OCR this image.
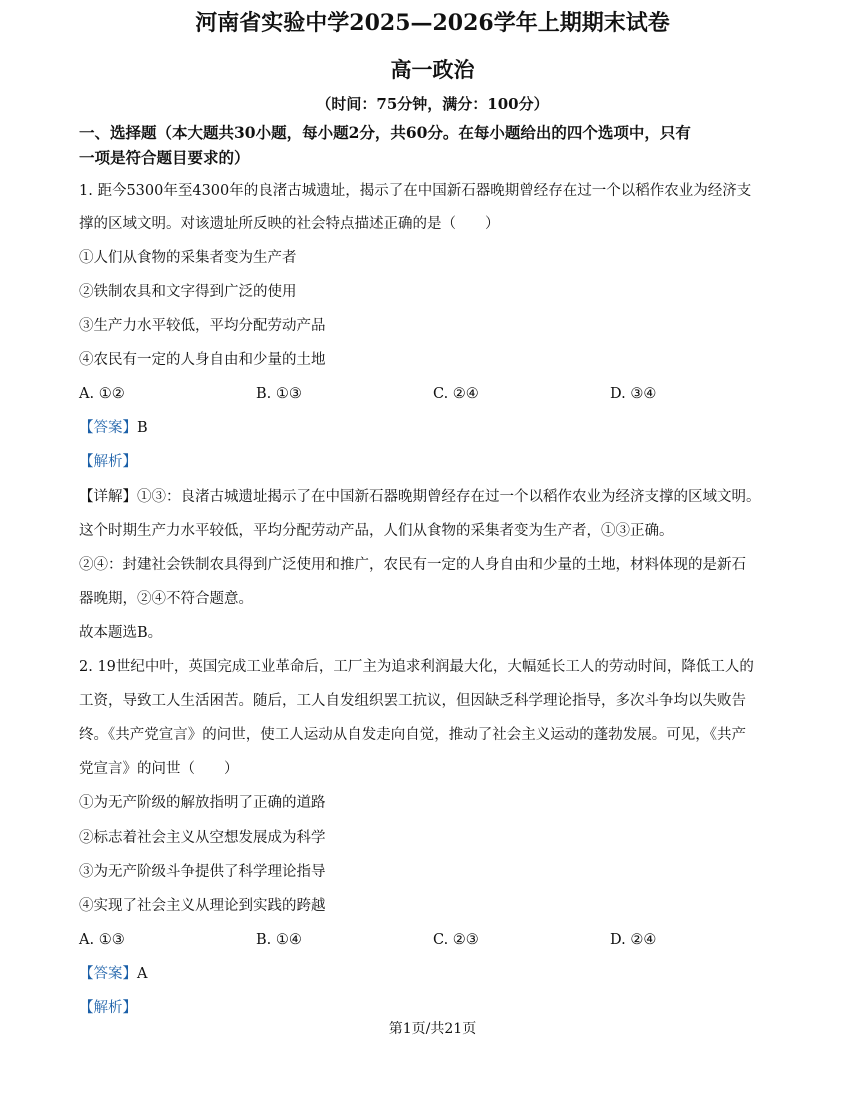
河南省实验中学2025—2026学年上期期末试卷
高一政治
（时间：75分钟，满分：100分）
一、选择题（本大题共30小题，每小题2分，共60分。在每小题给出的四个选项中，只有
一项是符合题目要求的）
1. 距今5300年至4300年的良渚古城遗址，揭示了在中国新石器晚期曾经存在过一个以稻作农业为经济支
撑的区域文明。对该遗址所反映的社会特点描述正确的是（　　）
①人们从食物的采集者变为生产者
②铁制农具和文字得到广泛的使用
③生产力水平较低，平均分配劳动产品
④农民有一定的人身自由和少量的土地
A. ①②	B. ①③	C. ②④	D. ③④
【答案】B
【解析】
【详解】①③：良渚古城遗址揭示了在中国新石器晚期曾经存在过一个以稻作农业为经济支撑的区域文明。
这个时期生产力水平较低，平均分配劳动产品，人们从食物的采集者变为生产者，①③正确。
②④：封建社会铁制农具得到广泛使用和推广，农民有一定的人身自由和少量的土地，材料体现的是新石
器晚期，②④不符合题意。
故本题选B。
2. 19世纪中叶，英国完成工业革命后，工厂主为追求利润最大化，大幅延长工人的劳动时间，降低工人的
工资，导致工人生活困苦。随后，工人自发组织罢工抗议，但因缺乏科学理论指导，多次斗争均以失败告
终。《共产党宣言》的问世，使工人运动从自发走向自觉，推动了社会主义运动的蓬勃发展。可见，《共产
党宣言》的问世（　　）
①为无产阶级的解放指明了正确的道路
②标志着社会主义从空想发展成为科学
③为无产阶级斗争提供了科学理论指导
④实现了社会主义从理论到实践的跨越
A. ①③	B. ①④	C. ②③	D. ②④
【答案】A
【解析】
第1页/共21页
